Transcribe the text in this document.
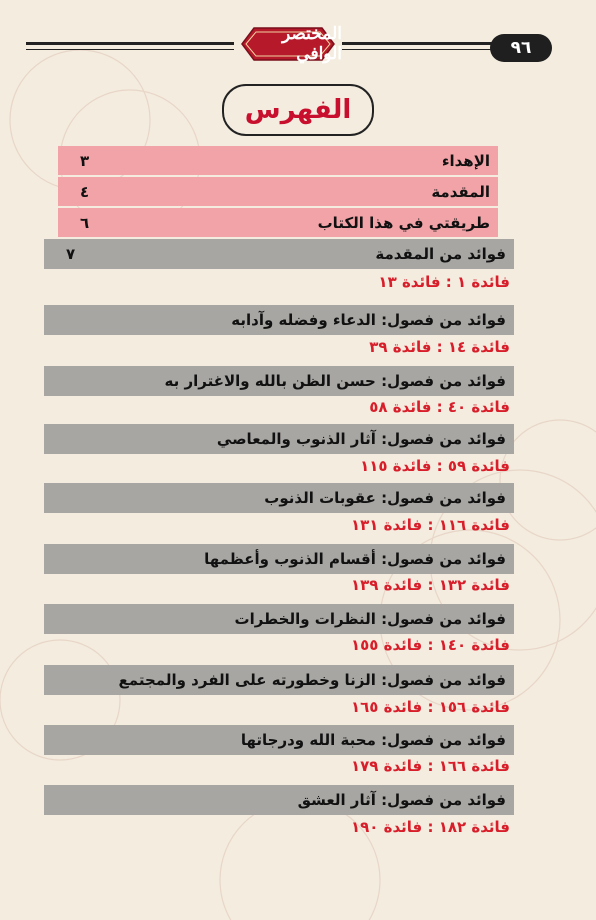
المختصر الوافي	٩٦
الفهرس
الإهداء
٣
المقدمة
٤
طريقتي في هذا الكتاب
٦
فوائد من المقدمة
٧
فائدة ١ : فائدة ١٣
فوائد من فصول: الدعاء وفضله وآدابه
فائدة ١٤ : فائدة ٣٩
فوائد من فصول: حسن الظن بالله والاغترار به
فائدة ٤٠ : فائدة ٥٨
فوائد من فصول: آثار الذنوب والمعاصي
فائدة ٥٩ : فائدة ١١٥
فوائد من فصول: عقوبات الذنوب
فائدة ١١٦ : فائدة ١٣١
فوائد من فصول: أقسام الذنوب وأعظمها
فائدة ١٣٢ : فائدة ١٣٩
فوائد من فصول: النظرات والخطرات
فائدة ١٤٠ : فائدة ١٥٥
فوائد من فصول: الزنا وخطورته على الفرد والمجتمع
فائدة ١٥٦ : فائدة ١٦٥
فوائد من فصول: محبة الله ودرجاتها
فائدة ١٦٦ : فائدة ١٧٩
فوائد من فصول: آثار العشق
فائدة ١٨٢ : فائدة ١٩٠
